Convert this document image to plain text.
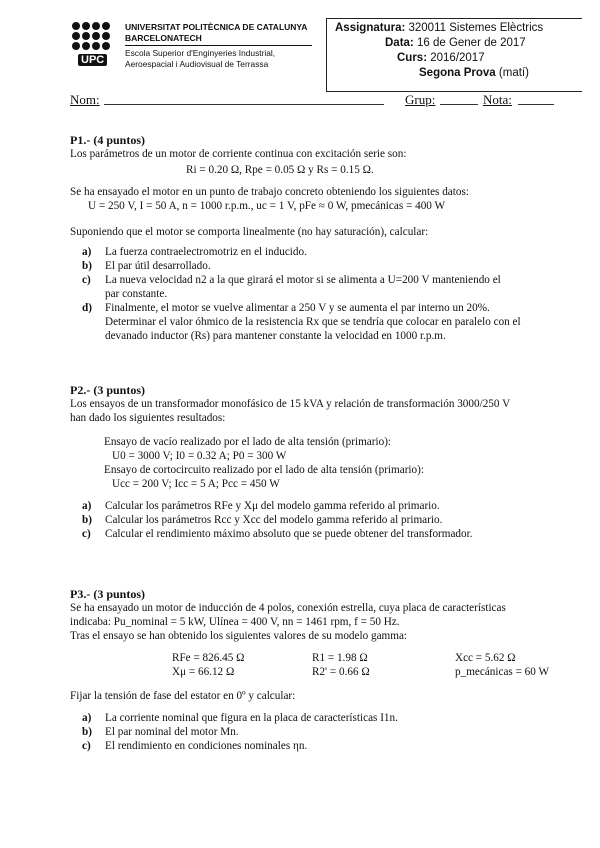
UPC
UNIVERSITAT POLITÈCNICA DE CATALUNYA
BARCELONATECH
Escola Superior d'Enginyeries Industrial,
Aeroespacial i Audiovisual de Terrassa
Assignatura: 320011 Sistemes Elèctrics
Data: 16 de Gener de 2017
Curs: 2016/2017
Segona Prova (matí)
Nom:	Grup:	Nota:
P1.- (4 puntos)
Los parámetros de un motor de corriente continua con excitación serie son:
Ri = 0.20 Ω, Rpe = 0.05 Ω y Rs = 0.15 Ω.
Se ha ensayado el motor en un punto de trabajo concreto obteniendo los siguientes datos:
U = 250 V, I = 50 A, n = 1000 r.p.m., uc = 1 V, pFe ≈ 0 W, pmecánicas = 400 W
Suponiendo que el motor se comporta linealmente (no hay saturación), calcular:
a) La fuerza contraelectromotriz en el inducido.
b) El par útil desarrollado.
c) La nueva velocidad n2 a la que girará el motor si se alimenta a U=200 V manteniendo el
par constante.
d) Finalmente, el motor se vuelve alimentar a 250 V y se aumenta el par interno un 20%.
Determinar el valor óhmico de la resistencia Rx que se tendría que colocar en paralelo con el
devanado inductor (Rs) para mantener constante la velocidad en 1000 r.p.m.
P2.- (3 puntos)
Los ensayos de un transformador monofásico de 15 kVA y relación de transformación 3000/250 V
han dado los siguientes resultados:
Ensayo de vacío realizado por el lado de alta tensión (primario):
U0 = 3000 V; I0 = 0.32 A; P0 = 300 W
Ensayo de cortocircuito realizado por el lado de alta tensión (primario):
Ucc = 200 V; Icc = 5 A; Pcc = 450 W
a) Calcular los parámetros RFe y Xμ del modelo gamma referido al primario.
b) Calcular los parámetros Rcc y Xcc del modelo gamma referido al primario.
c) Calcular el rendimiento máximo absoluto que se puede obtener del transformador.
P3.- (3 puntos)
Se ha ensayado un motor de inducción de 4 polos, conexión estrella, cuya placa de características
indicaba: Pu_nominal = 5 kW, Ulínea = 400 V, nn = 1461 rpm, f = 50 Hz.
Tras el ensayo se han obtenido los siguientes valores de su modelo gamma:
RFe = 826.45 Ω	R1 = 1.98 Ω	Xcc = 5.62 Ω
Xμ = 66.12 Ω	R2' = 0.66 Ω	p_mecánicas = 60 W
Fijar la tensión de fase del estator en 0º y calcular:
a) La corriente nominal que figura en la placa de características I1n.
b) El par nominal del motor Mn.
c) El rendimiento en condiciones nominales ηn.
